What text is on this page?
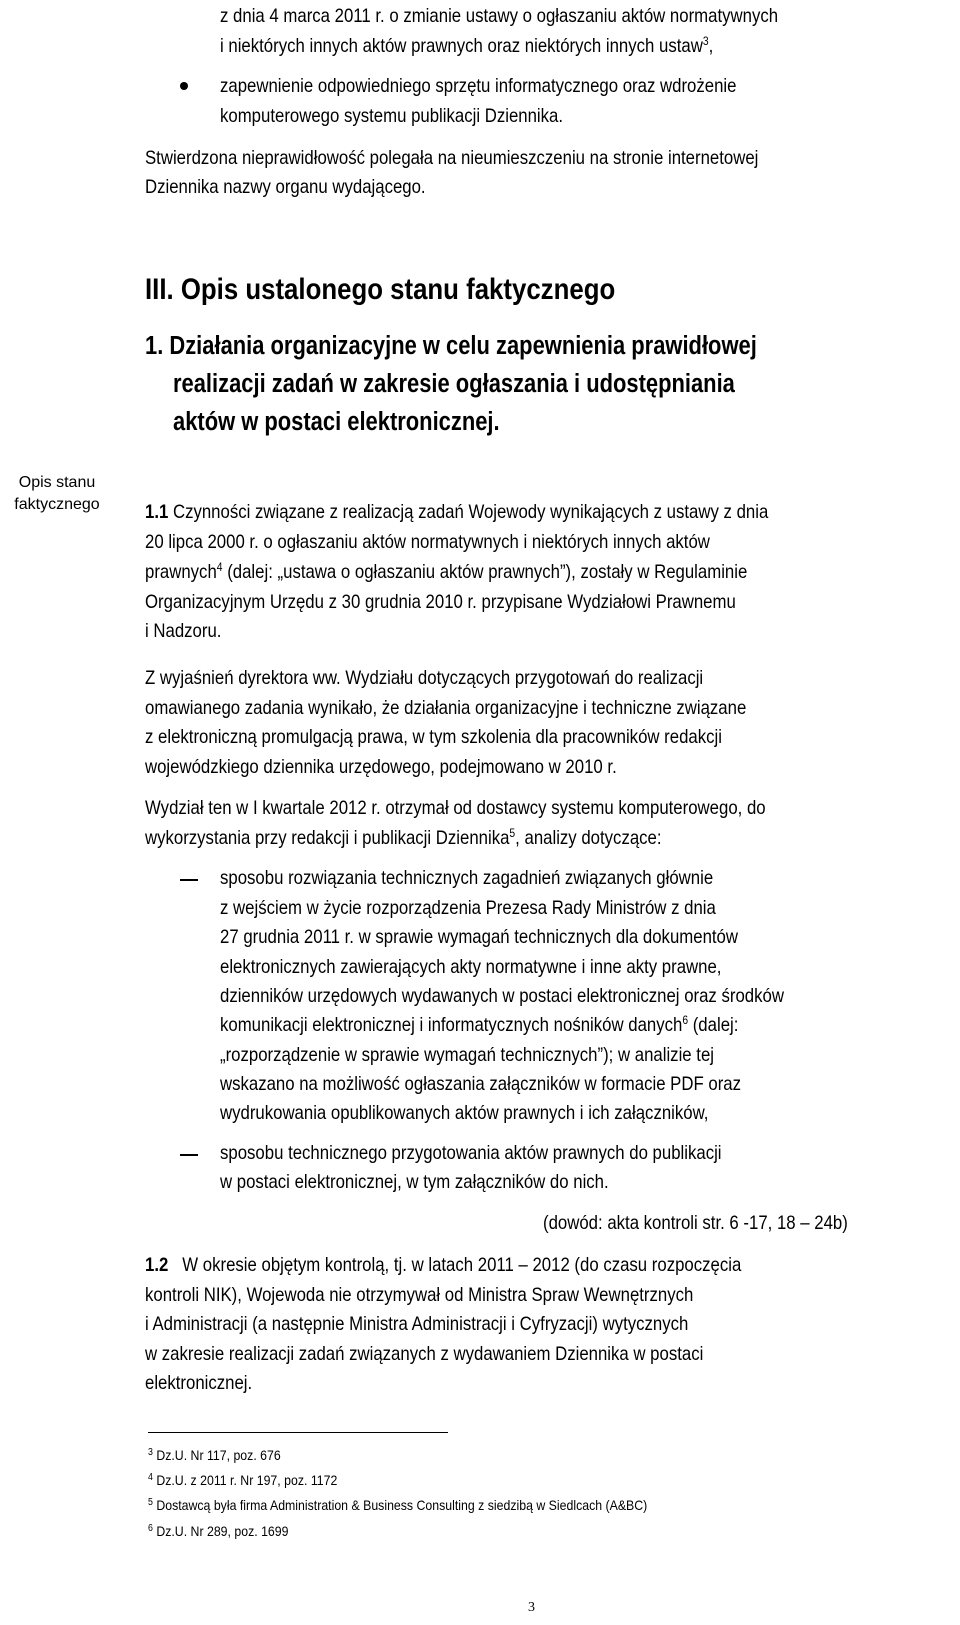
z dnia 4 marca 2011 r. o zmianie ustawy o ogłaszaniu aktów normatywnych
i niektórych innych aktów prawnych oraz niektórych innych ustaw$^3$,
zapewnienie odpowiedniego sprzętu informatycznego oraz wdrożenie
komputerowego systemu publikacji Dziennika.
Stwierdzona nieprawidłowość polegała na nieumieszczeniu na stronie internetowej
Dziennika nazwy organu wydającego.
Opis stanu faktycznego
III. Opis ustalonego stanu faktycznego
1. Działania organizacyjne w celu zapewnienia prawidłowej
realizacji zadań w zakresie ogłaszania i udostępniania
aktów w postaci elektronicznej.
1.1 Czynności związane z realizacją zadań Wojewody wynikających z ustawy z dnia
20 lipca 2000 r. o ogłaszaniu aktów normatywnych i niektórych innych aktów
prawnych$^4$ (dalej: „ustawa o ogłaszaniu aktów prawnych”), zostały w Regulaminie
Organizacyjnym Urzędu z 30 grudnia 2010 r. przypisane Wydziałowi Prawnemu
i Nadzoru.
Z wyjaśnień dyrektora ww. Wydziału dotyczących przygotowań do realizacji
omawianego zadania wynikało, że działania organizacyjne i techniczne związane
z elektroniczną promulgacją prawa, w tym szkolenia dla pracowników redakcji
wojewódzkiego dziennika urzędowego, podejmowano w 2010 r.
Wydział ten w I kwartale 2012 r. otrzymał od dostawcy systemu komputerowego, do
wykorzystania przy redakcji i publikacji Dziennika$^5$, analizy dotyczące:
sposobu rozwiązania technicznych zagadnień związanych głównie
z wejściem w życie rozporządzenia Prezesa Rady Ministrów z dnia
27 grudnia 2011 r. w sprawie wymagań technicznych dla dokumentów
elektronicznych zawierających akty normatywne i inne akty prawne,
dzienników urzędowych wydawanych w postaci elektronicznej oraz środków
komunikacji elektronicznej i informatycznych nośników danych$^6$ (dalej:
„rozporządzenie w sprawie wymagań technicznych”); w analizie tej
wskazano na możliwość ogłaszania załączników w formacie PDF oraz
wydrukowania opublikowanych aktów prawnych i ich załączników,
sposobu technicznego przygotowania aktów prawnych do publikacji
w postaci elektronicznej, w tym załączników do nich.
(dowód: akta kontroli str. 6 -17, 18 – 24b)
1.2 W okresie objętym kontrolą, tj. w latach 2011 – 2012 (do czasu rozpoczęcia
kontroli NIK), Wojewoda nie otrzymywał od Ministra Spraw Wewnętrznych
i Administracji (a następnie Ministra Administracji i Cyfryzacji) wytycznych
w zakresie realizacji zadań związanych z wydawaniem Dziennika w postaci
elektronicznej.
$^3$ Dz.U. Nr 117, poz. 676
$^4$ Dz.U. z 2011 r. Nr 197, poz. 1172
$^5$ Dostawcą była firma Administration & Business Consulting z siedzibą w Siedlcach (A&BC)
$^6$ Dz.U. Nr 289, poz. 1699
3
